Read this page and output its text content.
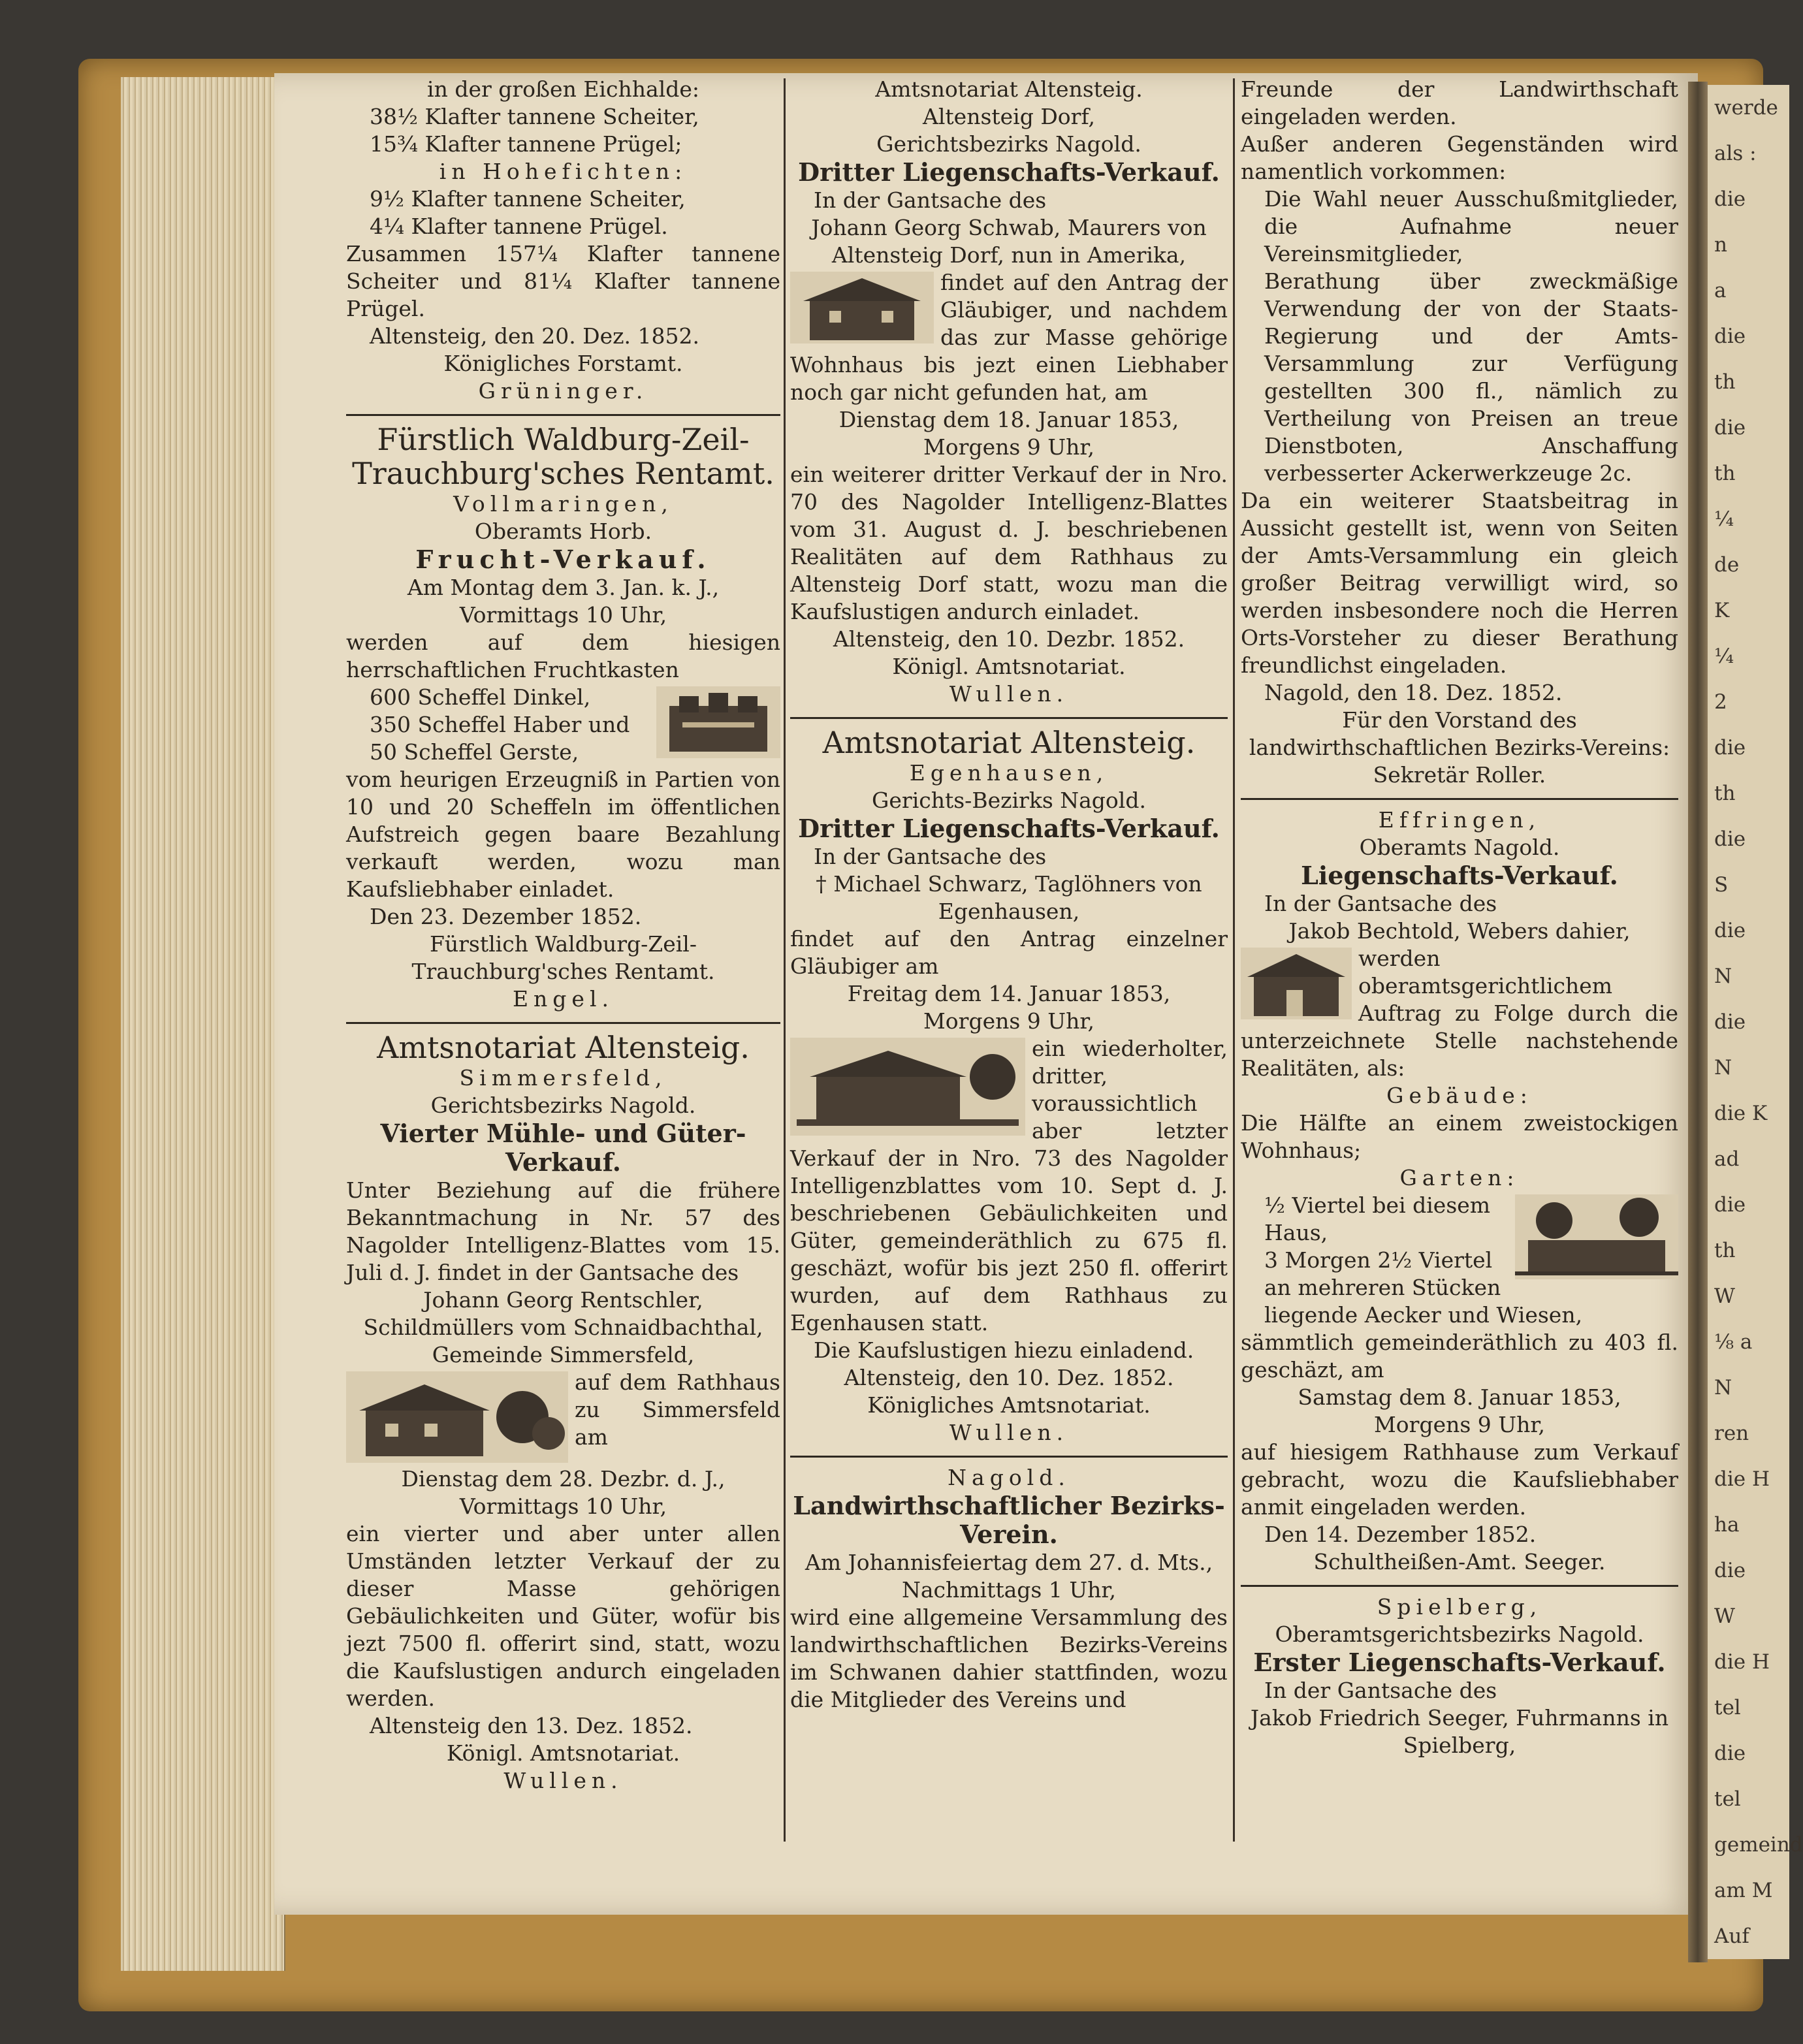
werde
als :
die
n
a
die
th
die
th
¼
de
K
¼
2
die
th
die
S
die
N
die
N
die K
ad
die
th
W
⅛ a
N
ren
die H
ha
die
W
die H
tel
die
tel
gemeind
am M
Auf
in der großen Eichhalde:
38½ Klafter tannene Scheiter,
15¾ Klafter tannene Prügel;
in Hohefichten:
9½ Klafter tannene Scheiter,
4¼ Klafter tannene Prügel.
Zusammen 157¼ Klafter tannene Scheiter und 81¼ Klafter tannene Prügel.
Altensteig, den 20. Dez. 1852.
Königliches Forstamt.
Grüninger.
Fürstlich Waldburg-Zeil-Trauchburg'sches Rentamt.
Vollmaringen,
Oberamts Horb.
Frucht-Verkauf.
Am Montag dem 3. Jan. k. J.,
Vormittags 10 Uhr,
werden auf dem hiesigen herrschaftlichen Fruchtkasten
600 Scheffel Dinkel,
350 Scheffel Haber und
50 Scheffel Gerste,
vom heurigen Erzeugniß in Partien von 10 und 20 Scheffeln im öffentlichen Aufstreich gegen baare Bezahlung verkauft werden, wozu man Kaufsliebhaber einladet.
Den 23. Dezember 1852.
Fürstlich Waldburg-Zeil-Trauchburg'sches Rentamt.
Engel.
Amtsnotariat Altensteig.
Simmersfeld,
Gerichtsbezirks Nagold.
Vierter Mühle- und Güter-Verkauf.
Unter Beziehung auf die frühere Bekanntmachung in Nr. 57 des Nagolder Intelligenz-Blattes vom 15. Juli d. J. findet in der Gantsache des
Johann Georg Rentschler, Schildmüllers vom Schnaidbachthal, Gemeinde Simmersfeld,
auf dem Rathhaus zu Simmersfeld am
Dienstag dem 28. Dezbr. d. J.,
Vormittags 10 Uhr,
ein vierter und aber unter allen Umständen letzter Verkauf der zu dieser Masse gehörigen Gebäulichkeiten und Güter, wofür bis jezt 7500 fl. offerirt sind, statt, wozu die Kaufslustigen andurch eingeladen werden.
Altensteig den 13. Dez. 1852.
Königl. Amtsnotariat.
Wullen.
Amtsnotariat Altensteig.
Altensteig Dorf,
Gerichtsbezirks Nagold.
Dritter Liegenschafts-Verkauf.
In der Gantsache des
Johann Georg Schwab, Maurers von Altensteig Dorf, nun in Amerika,
findet auf den Antrag der Gläubiger, und nachdem das zur Masse gehörige Wohnhaus bis jezt einen Liebhaber noch gar nicht gefunden hat, am
Dienstag dem 18. Januar 1853,
Morgens 9 Uhr,
ein weiterer dritter Verkauf der in Nro. 70 des Nagolder Intelligenz-Blattes vom 31. August d. J. beschriebenen Realitäten auf dem Rathhaus zu Altensteig Dorf statt, wozu man die Kaufslustigen andurch einladet.
Altensteig, den 10. Dezbr. 1852.
Königl. Amtsnotariat.
Wullen.
Amtsnotariat Altensteig.
Egenhausen,
Gerichts-Bezirks Nagold.
Dritter Liegenschafts-Verkauf.
In der Gantsache des
† Michael Schwarz, Taglöhners von Egenhausen,
findet auf den Antrag einzelner Gläubiger am
Freitag dem 14. Januar 1853,
Morgens 9 Uhr,
ein wiederholter, dritter, voraussichtlich aber letzter Verkauf der in Nro. 73 des Nagolder Intelligenzblattes vom 10. Sept d. J. beschriebenen Gebäulichkeiten und Güter, gemeinderäthlich zu 675 fl. geschäzt, wofür bis jezt 250 fl. offerirt wurden, auf dem Rathhaus zu Egenhausen statt.
Die Kaufslustigen hiezu einladend.
Altensteig, den 10. Dez. 1852.
Königliches Amtsnotariat.
Wullen.
Nagold.
Landwirthschaftlicher Bezirks-Verein.
Am Johannisfeiertag dem 27. d. Mts.,
Nachmittags 1 Uhr,
wird eine allgemeine Versammlung des landwirthschaftlichen Bezirks-Vereins im Schwanen dahier stattfinden, wozu die Mitglieder des Vereins und
Freunde der Landwirthschaft eingeladen werden.
Außer anderen Gegenständen wird namentlich vorkommen:
Die Wahl neuer Ausschußmitglieder, die Aufnahme neuer Vereinsmitglieder,
Berathung über zweckmäßige Verwendung der von der Staats-Regierung und der Amts-Versammlung zur Verfügung gestellten 300 fl., nämlich zu Vertheilung von Preisen an treue Dienstboten, Anschaffung verbesserter Ackerwerkzeuge 2c.
Da ein weiterer Staatsbeitrag in Aussicht gestellt ist, wenn von Seiten der Amts-Versammlung ein gleich großer Beitrag verwilligt wird, so werden insbesondere noch die Herren Orts-Vorsteher zu dieser Berathung freundlichst eingeladen.
Nagold, den 18. Dez. 1852.
Für den Vorstand des landwirthschaftlichen Bezirks-Vereins:
Sekretär Roller.
Effringen,
Oberamts Nagold.
Liegenschafts-Verkauf.
In der Gantsache des
Jakob Bechtold, Webers dahier,
werden oberamtsgerichtlichem Auftrag zu Folge durch die unterzeichnete Stelle nachstehende Realitäten, als:
Gebäude:
Die Hälfte an einem zweistockigen Wohnhaus;
Garten:
½ Viertel bei diesem Haus,
3 Morgen 2½ Viertel an mehreren Stücken liegende Aecker und Wiesen,
sämmtlich gemeinderäthlich zu 403 fl. geschäzt, am
Samstag dem 8. Januar 1853,
Morgens 9 Uhr,
auf hiesigem Rathhause zum Verkauf gebracht, wozu die Kaufsliebhaber anmit eingeladen werden.
Den 14. Dezember 1852.
Schultheißen-Amt. Seeger.
Spielberg,
Oberamtsgerichtsbezirks Nagold.
Erster Liegenschafts-Verkauf.
In der Gantsache des
Jakob Friedrich Seeger, Fuhrmanns in Spielberg,
